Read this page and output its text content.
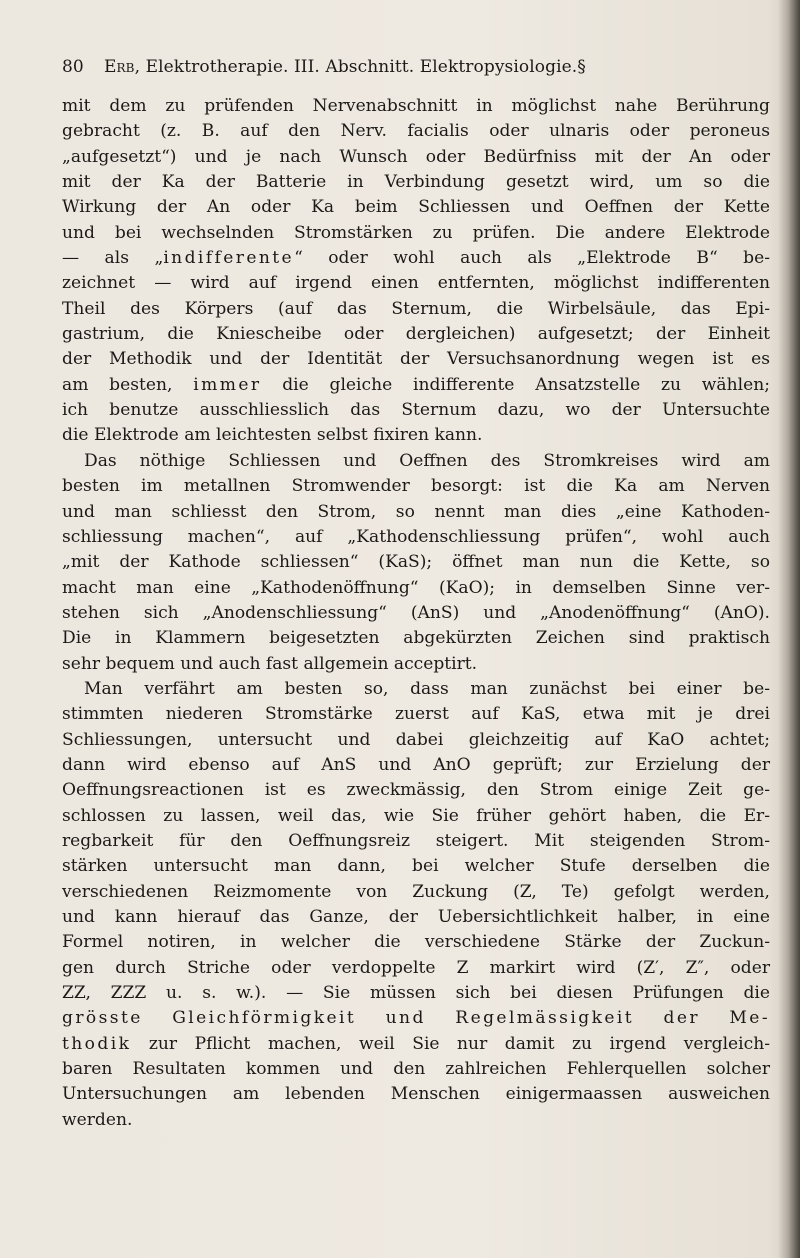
80 Erb, Elektrotherapie. III. Abschnitt. Elektropysiologie.§
mit dem zu prüfenden Nervenabschnitt in möglichst nahe Berührung
gebracht (z. B. auf den Nerv. facialis oder ulnaris oder peroneus
„aufgesetzt“) und je nach Wunsch oder Bedürfniss mit der An oder
mit der Ka der Batterie in Verbindung gesetzt wird, um so die
Wirkung der An oder Ka beim Schliessen und Oeffnen der Kette
und bei wechselnden Stromstärken zu prüfen. Die andere Elektrode
— als „indifferente“ oder wohl auch als „Elektrode B“ be-
zeichnet — wird auf irgend einen entfernten, möglichst indifferenten
Theil des Körpers (auf das Sternum, die Wirbelsäule, das Epi-
gastrium, die Kniescheibe oder dergleichen) aufgesetzt; der Einheit
der Methodik und der Identität der Versuchsanordnung wegen ist es
am besten, immer die gleiche indifferente Ansatzstelle zu wählen;
ich benutze ausschliesslich das Sternum dazu, wo der Untersuchte
die Elektrode am leichtesten selbst fixiren kann.
Das nöthige Schliessen und Oeffnen des Stromkreises wird am
besten im metallnen Stromwender besorgt: ist die Ka am Nerven
und man schliesst den Strom, so nennt man dies „eine Kathoden-
schliessung machen“, auf „Kathodenschliessung prüfen“, wohl auch
„mit der Kathode schliessen“ (KaS); öffnet man nun die Kette, so
macht man eine „Kathodenöffnung“ (KaO); in demselben Sinne ver-
stehen sich „Anodenschliessung“ (AnS) und „Anodenöffnung“ (AnO).
Die in Klammern beigesetzten abgekürzten Zeichen sind praktisch
sehr bequem und auch fast allgemein acceptirt.
Man verfährt am besten so, dass man zunächst bei einer be-
stimmten niederen Stromstärke zuerst auf KaS, etwa mit je drei
Schliessungen, untersucht und dabei gleichzeitig auf KaO achtet;
dann wird ebenso auf AnS und AnO geprüft; zur Erzielung der
Oeffnungsreactionen ist es zweckmässig, den Strom einige Zeit ge-
schlossen zu lassen, weil das, wie Sie früher gehört haben, die Er-
regbarkeit für den Oeffnungsreiz steigert. Mit steigenden Strom-
stärken untersucht man dann, bei welcher Stufe derselben die
verschiedenen Reizmomente von Zuckung (Z, Te) gefolgt werden,
und kann hierauf das Ganze, der Uebersichtlichkeit halber, in eine
Formel notiren, in welcher die verschiedene Stärke der Zuckun-
gen durch Striche oder verdoppelte Z markirt wird (Z′, Z″, oder
ZZ, ZZZ u. s. w.). — Sie müssen sich bei diesen Prüfungen die
grösste Gleichförmigkeit und Regelmässigkeit der Me-
thodik zur Pflicht machen, weil Sie nur damit zu irgend vergleich-
baren Resultaten kommen und den zahlreichen Fehlerquellen solcher
Untersuchungen am lebenden Menschen einigermaassen ausweichen
werden.
